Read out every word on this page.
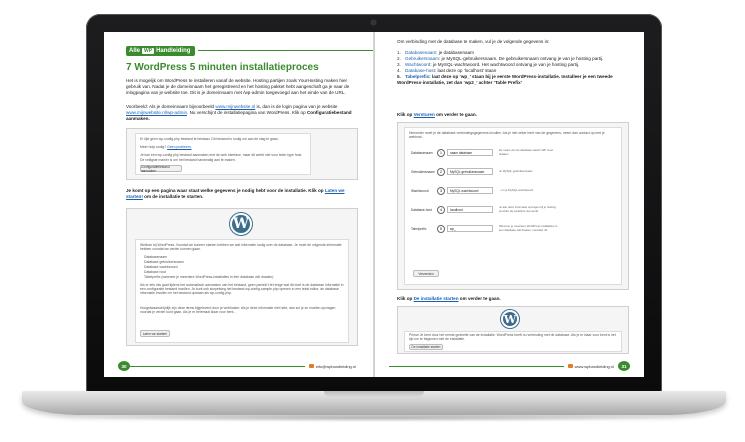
Alle WP Handleiding
7 WordPress 5 minuten installatieproces
Het is mogelijk om WordPress te installeren vanaf de website. Hosting partijen zoals YourHosting maken hier gebruik van. Nadat je de domeinnaam het geregistreerd en het hosting pakket hebt aangeschaft ga je naar de inlogpagina van je website toe. Dit is je domeinnaam met /wp-admin toegevoegd aan het einde van de URL.
Voorbeeld: Als je domeinnaam bijvoorbeeld www.mijnwebsite.nl is, dan is de login pagina van je website www.mijnwebsite.nl/wp-admin. Nu verschijnt de installatiepagina van WordPress. Klik op Configuratiebestand aanmaken.
Er lijkt geen wp-config.php bestand te bestaan. Dit bestand is nodig om aan de slag te gaan.
Meer hulp nodig? Geen probleem.
Je kan een wp-config.php bestand aanmaken met de web interface, maar dit werkt niet voor ieder type host.
De veiligste manier is om het bestand handmatig aan te maken.
Configuratiebestand aanmaken
Je komt op een pagina waar staat welke gegevens je nodig hebt voor de installatie. Klik op Laten we starten! om de installatie te starten.
W
Welkom bij WordPress. Voordat we kunnen starten hebben we wat informatie nodig over de database. Je moet de volgende informatie hebben voordat we verder kunnen gaan.
Databasenaam
Database gebruikersnaam
Database wachtwoord
Database host
Tabelprefix (wanneer je meerdere WordPress-installaties in één database wilt draaien)
Als er iets mis gaat tijdens het automatisch aanmaken van het bestand, geen paniek! Het enige wat dit doet is de database informatie in een configuratie bestand invullen. Je kunt ook simpelweg het bestand wp-config-sample.php openen in een tekst editor, de database informatie invullen en het bestand opslaan als wp-config.php.
Hoogstwaarschijnlijk zijn deze items bijgeleverd door je webhoster. Als je deze informatie niet hebt, dan zul je ze moeten opvragen voordat je verder kunt gaan. Als je er helemaal klaar voor bent...
Laten we starten!
30	info@wphandleiding.nl
Om verbinding met de database te maken, vul je de volgende gegevens in:
1. Databasenaam: je databasenaam
2. Gebruikersnaam: je MySQL-gebruikersnaam. De gebruikersnaam ontvang je van je hosting partij.
3. Wachtwoord: je MySQL-wachtwoord. Het wachtwoord ontvang je van je hosting partij.
4. Database-host: laat deze op ‘localhost’ staan
5. Tabelprefix: laat deze op ‘wp_’ staan bij je eerste WordPress-installatie. Installeer je een tweede WordPress-installatie, zet dan ‘wp2_’ achter ‘Table Prefix’
Klik op Versturen om verder te gaan.
Hieronder moet je de database verbindingsgegevens invullen. Als je niet zeker bent van de gegevens, neem dan contact op met je webhost.
Databasenaam	1	naam database
De naam van de database waarin WP moet draaien.
Gebruikersnaam	2	MySQL gebruikersnaam	Je MySQL gebruikersnaam
Wachtwoord	3	MySQL wachtwoord	...en je MySQL wachtwoord.
Database-host	4	localhost
Je kan deze informatie opvragen bij je hosting provider als localhost niet werkt.
Tabelprefix	5	wp_
Wanneer je meerdere WordPress installaties in een database wilt draaien, verander dit.
Verzenden
Klik op De installatie starten om verder te gaan.
W
Prima! Je bent door het eerste gedeelte van de installatie. WordPress heeft nu verbinding met de database. Als je er klaar voor bent is het tijd om te beginnen met de installatie.
De installatie starten
www.wphandleiding.nl	31
